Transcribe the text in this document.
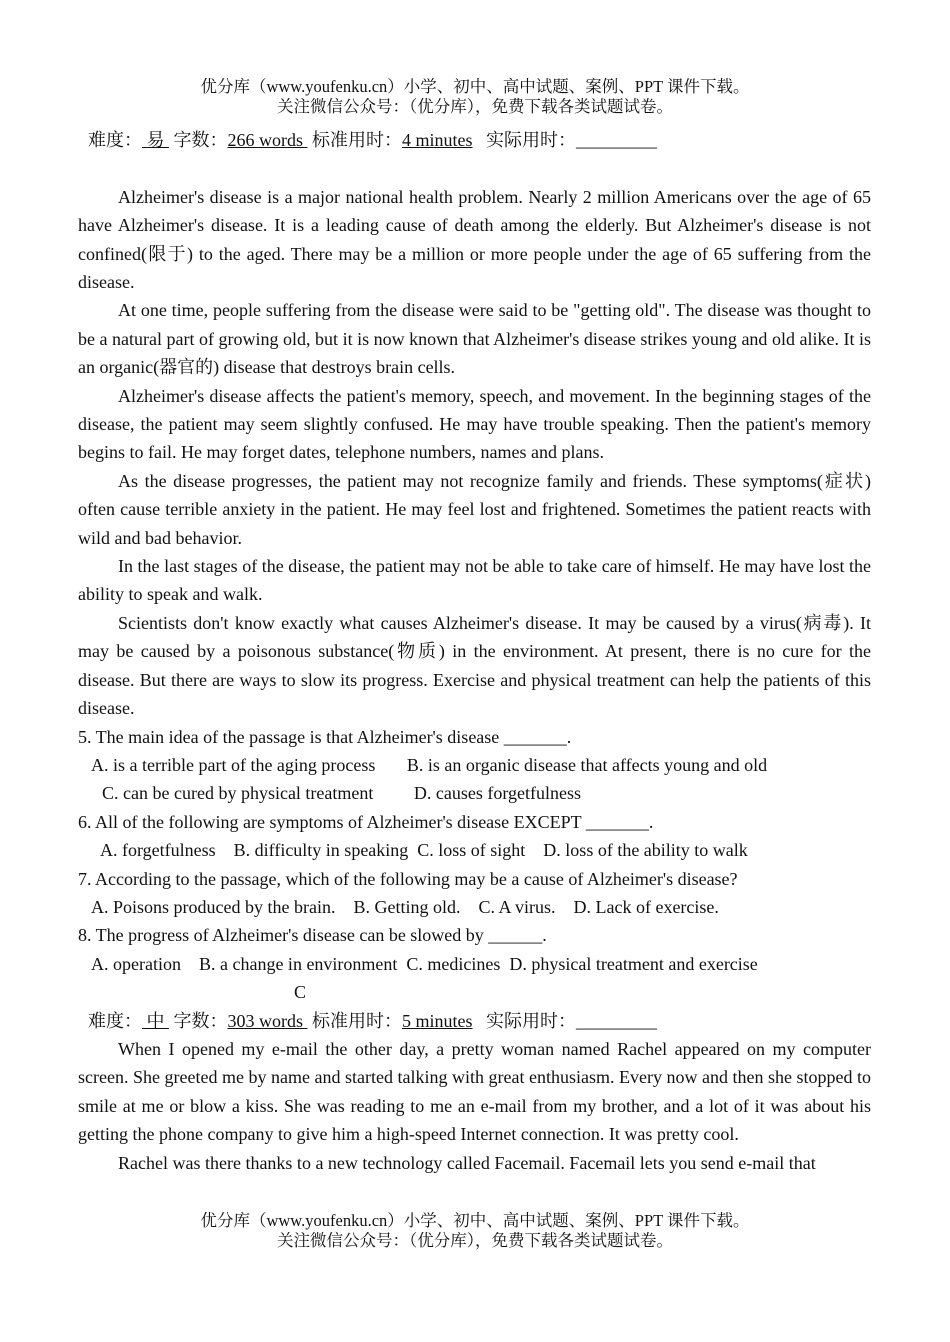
优分库（www.youfenku.cn）小学、初中、高中试题、案例、PPT 课件下载。
关注微信公众号：（优分库），免费下载各类试题试卷。
难度： 易  字数：266 words  标准用时：4 minutes   实际用时：_________

Alzheimer's disease is a major national health problem. Nearly 2 million Americans over the age of 65 have Alzheimer's disease. It is a leading cause of death among the elderly. But Alzheimer's disease is not confined(限于) to the aged. There may be a million or more people under the age of 65 suffering from the disease.

At one time, people suffering from the disease were said to be "getting old". The disease was thought to be a natural part of growing old, but it is now known that Alzheimer's disease strikes young and old alike. It is an organic(器官的) disease that destroys brain cells.

Alzheimer's disease affects the patient's memory, speech, and movement. In the beginning stages of the disease, the patient may seem slightly confused. He may have trouble speaking. Then the patient's memory begins to fail. He may forget dates, telephone numbers, names and plans.

As the disease progresses, the patient may not recognize family and friends. These symptoms(症状) often cause terrible anxiety in the patient. He may feel lost and frightened. Sometimes the patient reacts with wild and bad behavior.

In the last stages of the disease, the patient may not be able to take care of himself. He may have lost the ability to speak and walk.

Scientists don't know exactly what causes Alzheimer's disease. It may be caused by a virus(病毒). It may be caused by a poisonous substance(物质) in the environment. At present, there is no cure for the disease. But there are ways to slow its progress. Exercise and physical treatment can help the patients of this disease.

5. The main idea of the passage is that Alzheimer's disease _______.

A. is a terrible part of the aging process       B. is an organic disease that affects young and old

C. can be cured by physical treatment         D. causes forgetfulness

6. All of the following are symptoms of Alzheimer's disease EXCEPT _______.

A. forgetfulness    B. difficulty in speaking  C. loss of sight    D. loss of the ability to walk

7. According to the passage, which of the following may be a cause of Alzheimer's disease?

A. Poisons produced by the brain.    B. Getting old.    C. A virus.    D. Lack of exercise.

8. The progress of Alzheimer's disease can be slowed by ______.

A. operation    B. a change in environment  C. medicines  D. physical treatment and exercise

C

难度： 中  字数：303 words  标准用时：5 minutes   实际用时：_________

When I opened my e-mail the other day, a pretty woman named Rachel appeared on my computer screen. She greeted me by name and started talking with great enthusiasm. Every now and then she stopped to smile at me or blow a kiss. She was reading to me an e-mail from my brother, and a lot of it was about his getting the phone company to give him a high-speed Internet connection. It was pretty cool.

Rachel was there thanks to a new technology called Facemail. Facemail lets you send e-mail that

优分库（www.youfenku.cn）小学、初中、高中试题、案例、PPT 课件下载。
关注微信公众号：（优分库），免费下载各类试题试卷。
